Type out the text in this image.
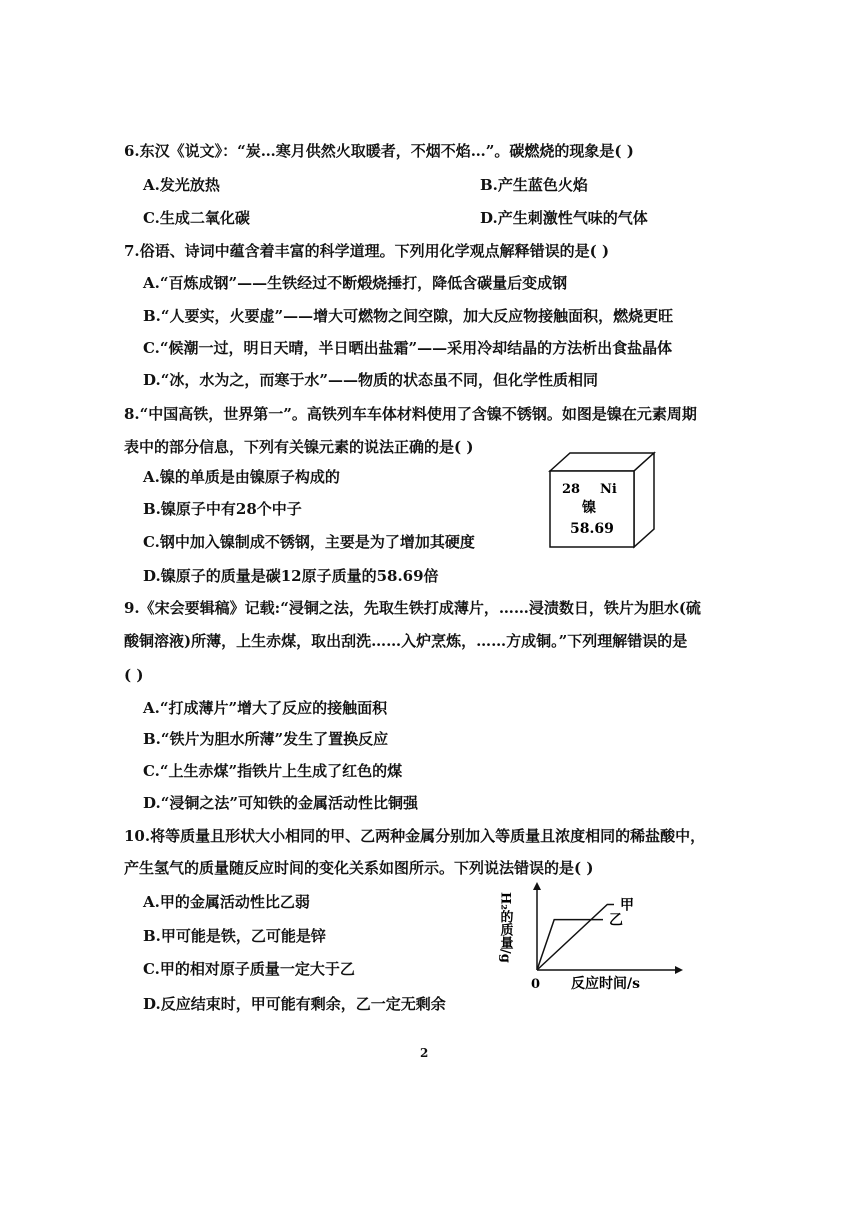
6.东汉《说文》：“炭…寒月供然火取暖者，不烟不焰…”。碳燃烧的现象是( )
A.发光放热	B.产生蓝色火焰
C.生成二氧化碳	D.产生刺激性气味的气体
7.俗语、诗词中蕴含着丰富的科学道理。下列用化学观点解释错误的是( )
A.“百炼成钢”——生铁经过不断煅烧捶打，降低含碳量后变成钢
B.“人要实，火要虚”——增大可燃物之间空隙，加大反应物接触面积，燃烧更旺
C.“候潮一过，明日天晴，半日晒出盐霜”——采用冷却结晶的方法析出食盐晶体
D.“冰，水为之，而寒于水”——物质的状态虽不同，但化学性质相同
8.“中国高铁，世界第一”。高铁列车车体材料使用了含镍不锈钢。如图是镍在元素周期
表中的部分信息，下列有关镍元素的说法正确的是( )
A.镍的单质是由镍原子构成的
B.镍原子中有28个中子
C.钢中加入镍制成不锈钢，主要是为了增加其硬度
D.镍原子的质量是碳12原子质量的58.69倍
28 Ni
镍
58.69
9.《宋会要辑稿》记载:“浸铜之法，先取生铁打成薄片，……浸渍数日，铁片为胆水(硫
酸铜溶液)所薄，上生赤煤，取出刮洗……入炉烹炼，……方成铜。”下列理解错误的是
( )
A.“打成薄片”增大了反应的接触面积
B.“铁片为胆水所薄”发生了置换反应
C.“上生赤煤”指铁片上生成了红色的煤
D.“浸铜之法”可知铁的金属活动性比铜强
10.将等质量且形状大小相同的甲、乙两种金属分别加入等质量且浓度相同的稀盐酸中，
产生氢气的质量随反应时间的变化关系如图所示。下列说法错误的是( )
A.甲的金属活动性比乙弱
B.甲可能是铁，乙可能是锌
C.甲的相对原子质量一定大于乙
D.反应结束时，甲可能有剩余，乙一定无剩余
H₂的质量/g
0 反应时间/s
甲
乙
2
